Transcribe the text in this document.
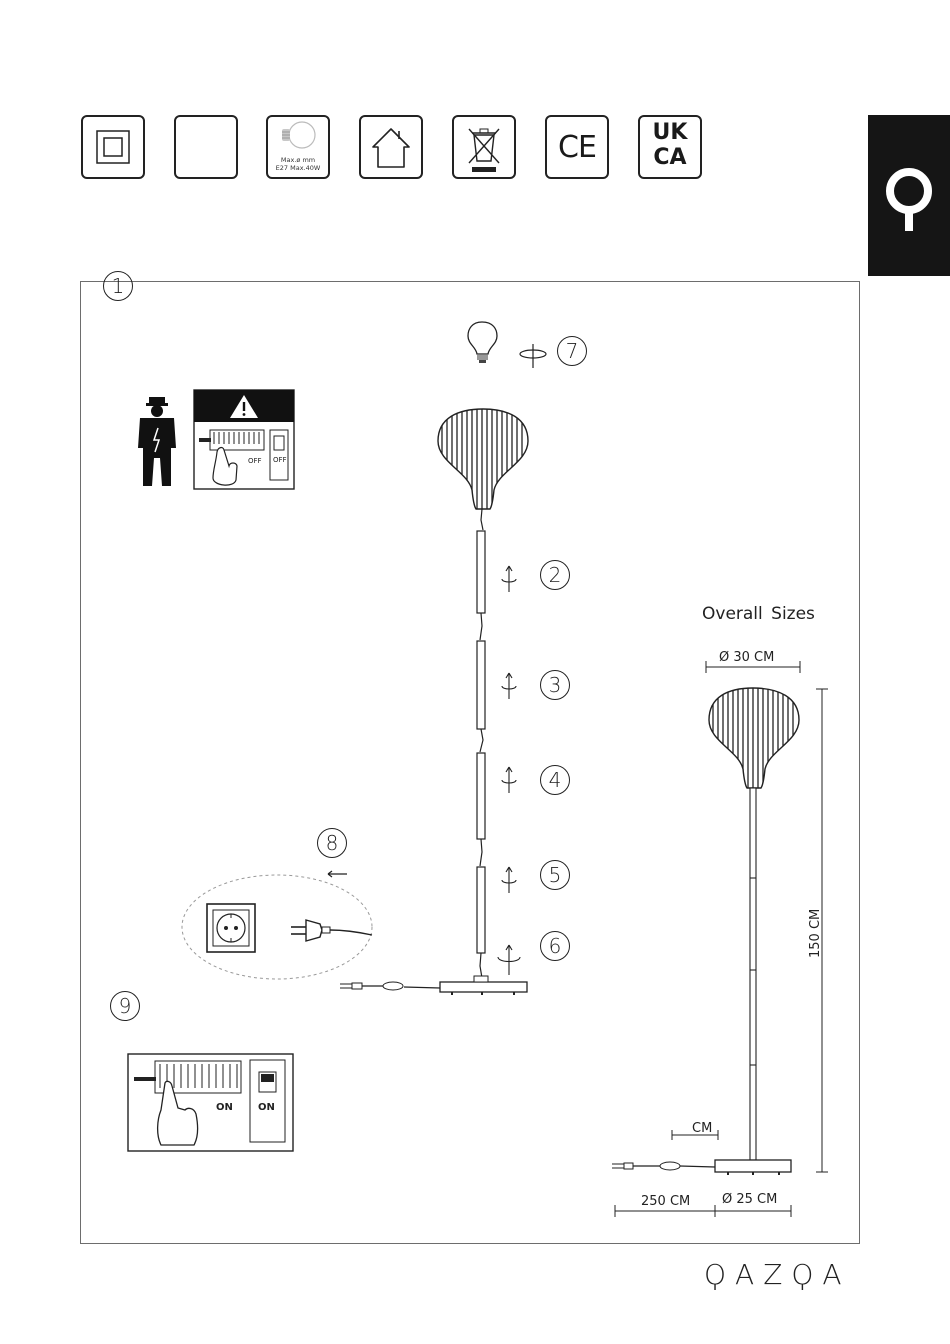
Max.ø mm
E27 Max.40W
CE	UK
CA
OFF OFF
ON	ON
150 CM
1
7
2
3
4
5
6
8
9
Overall Sizes
Ø 30 CM
CM
250 CM Ø 25 CM
ϘAZϘA
